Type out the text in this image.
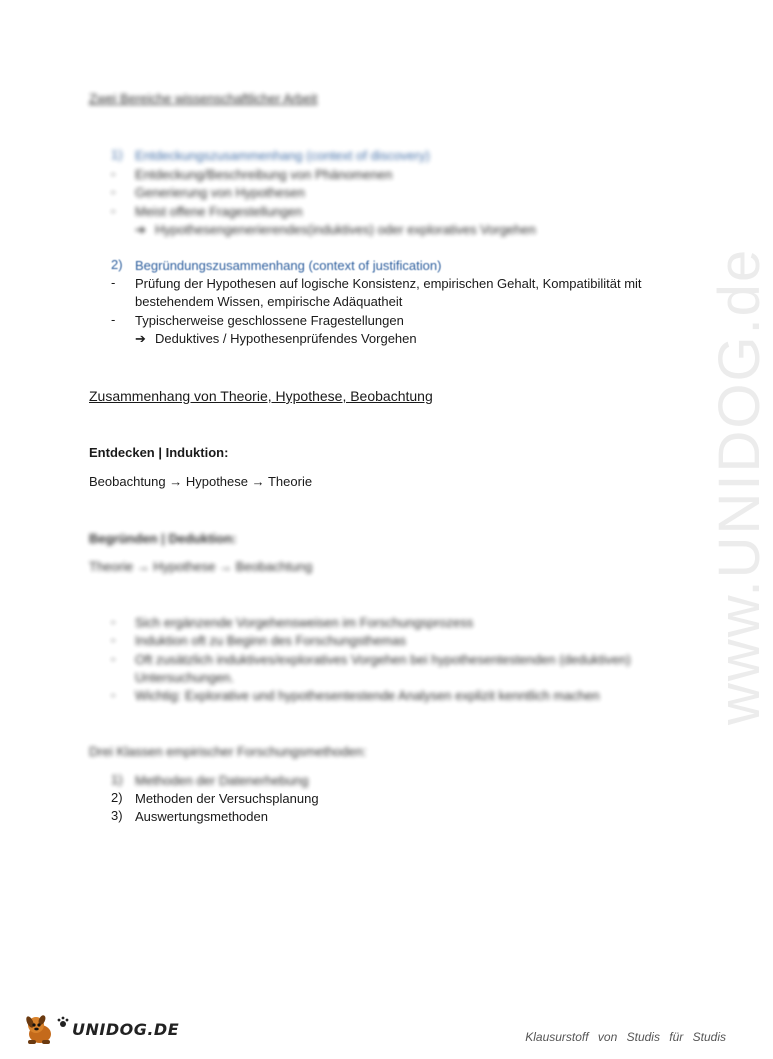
www.UNIDOG.de
Zwei Bereiche wissenschaftlicher Arbeit
1) Entdeckungszusammenhang (context of discovery)
- Entdeckung/Beschreibung von Phänomenen
- Generierung von Hypothesen
- Meist offene Fragestellungen
➔ Hypothesengenerierendes(induktives) oder exploratives Vorgehen
2) Begründungszusammenhang (context of justification)
- Prüfung der Hypothesen auf logische Konsistenz, empirischen Gehalt, Kompatibilität mit
bestehendem Wissen, empirische Adäquatheit
- Typischerweise geschlossene Fragestellungen
➔ Deduktives / Hypothesenprüfendes Vorgehen
Zusammenhang von Theorie, Hypothese, Beobachtung
Entdecken | Induktion:
Beobachtung → Hypothese → Theorie
Begründen | Deduktion:
Theorie → Hypothese → Beobachtung
- Sich ergänzende Vorgehensweisen im Forschungsprozess
- Induktion oft zu Beginn des Forschungsthemas
- Oft zusätzlich induktives/exploratives Vorgehen bei hypothesentestenden (deduktiven)
Untersuchungen.
- Wichtig: Explorative und hypothesentestende Analysen explizit kenntlich machen
Drei Klassen empirischer Forschungsmethoden:
1) Methoden der Datenerhebung
2) Methoden der Versuchsplanung
3) Auswertungsmethoden
UNIDOG.DE	Klausurstoff von Studis für Studis
